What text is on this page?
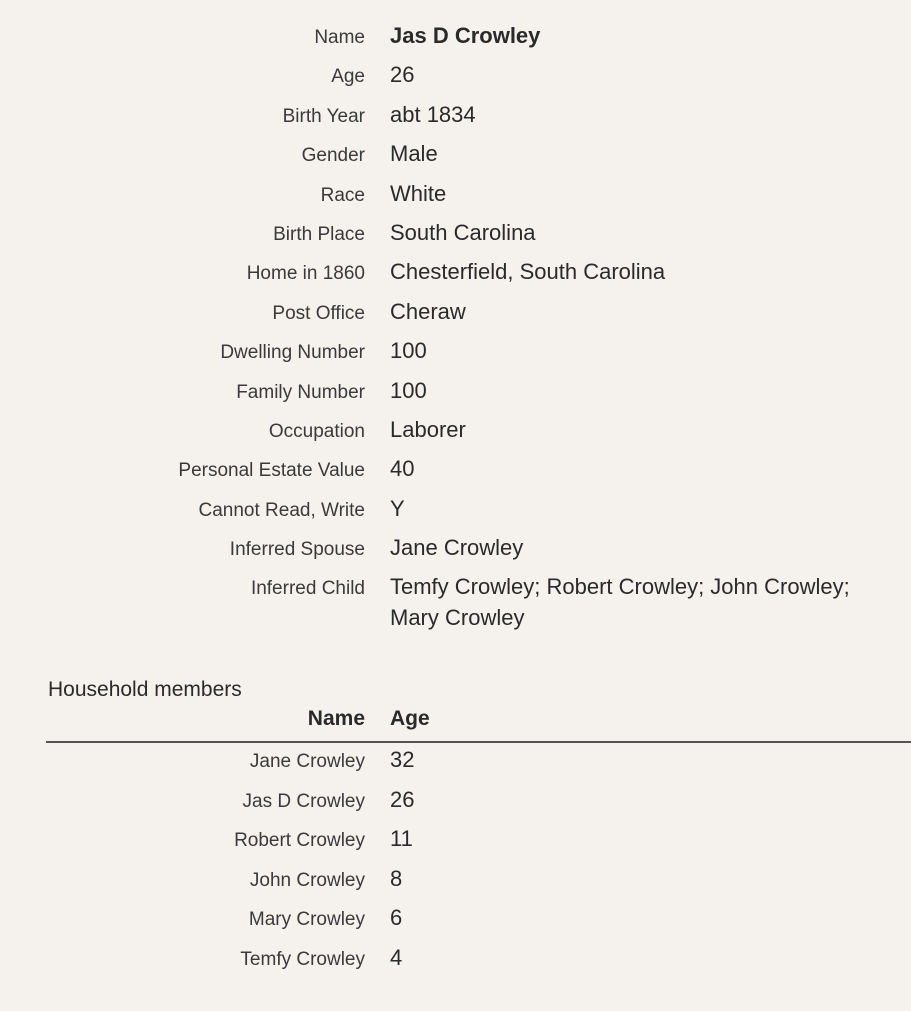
Name Jas D Crowley
Age 26
Birth Year abt 1834
Gender Male
Race White
Birth Place South Carolina
Home in 1860 Chesterfield, South Carolina
Post Office Cheraw
Dwelling Number 100
Family Number 100
Occupation Laborer
Personal Estate Value 40
Cannot Read, Write Y
Inferred Spouse Jane Crowley
Inferred Child Temfy Crowley; Robert Crowley; John Crowley; Mary Crowley
Household members
Name Age
Jane Crowley 32
Jas D Crowley 26
Robert Crowley 11
John Crowley 8
Mary Crowley 6
Temfy Crowley 4
